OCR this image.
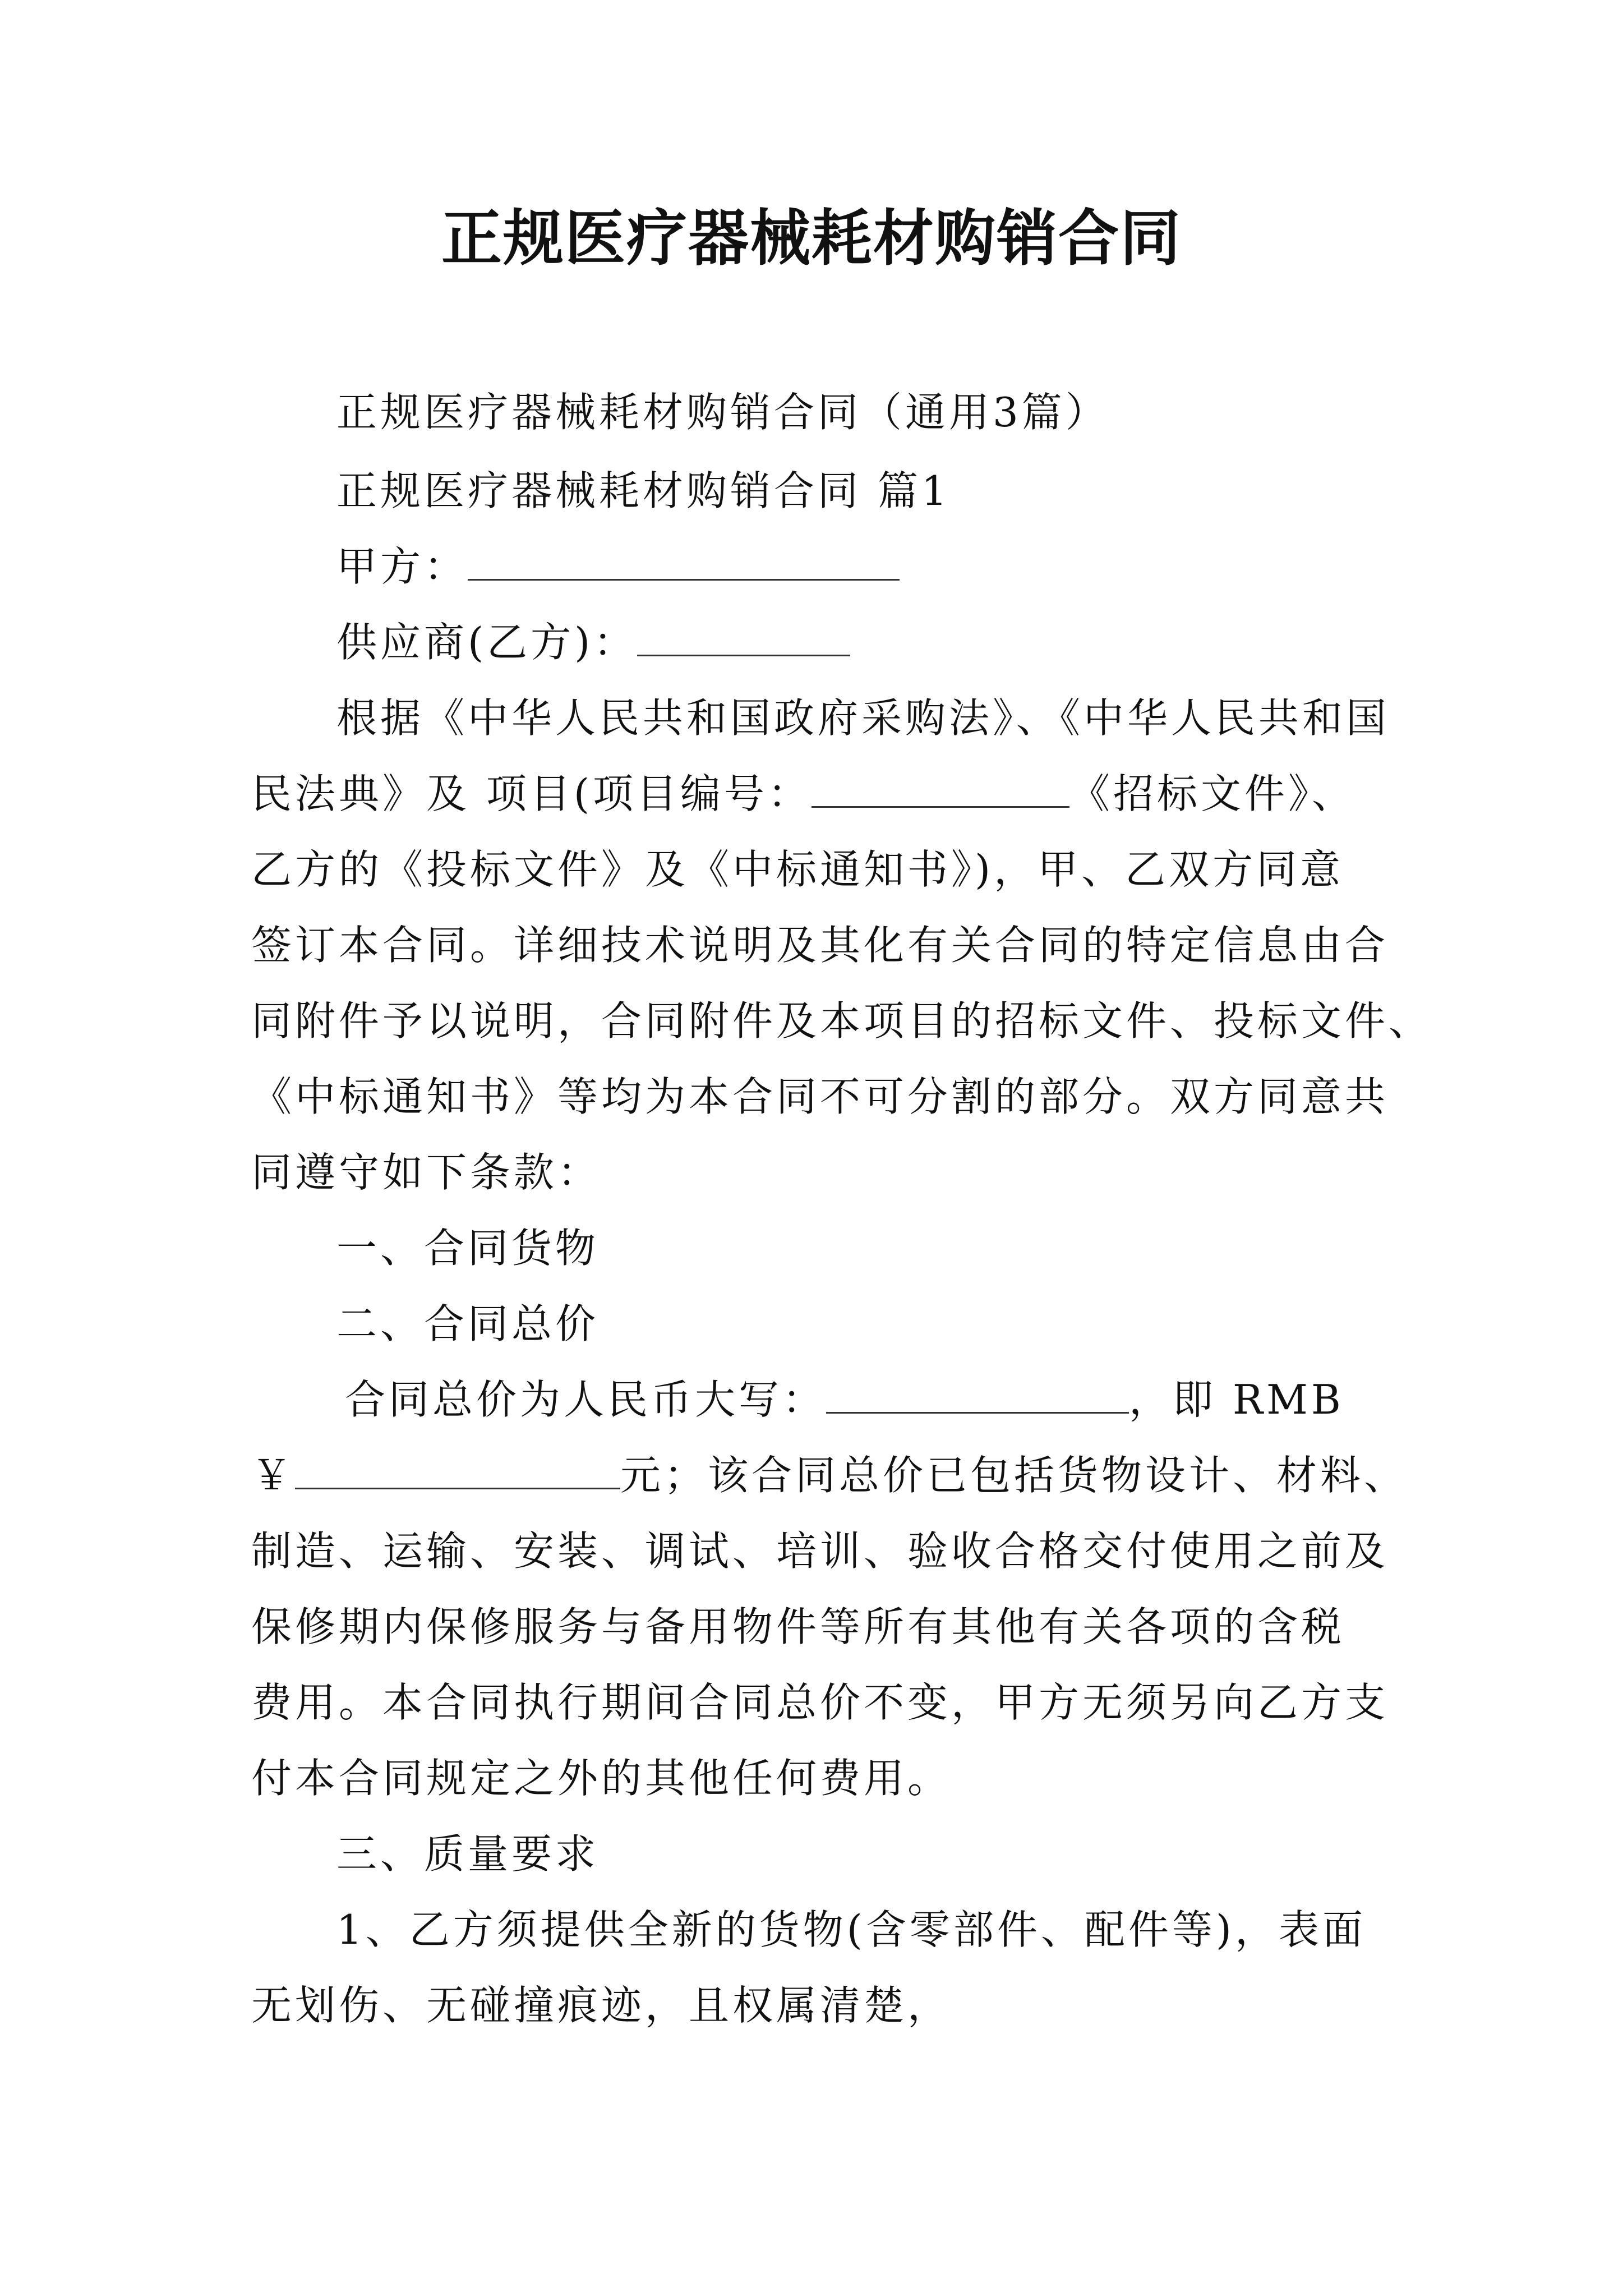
正规医疗器械耗材购销合同
正规医疗器械耗材购销合同（通用3篇）
正规医疗器械耗材购销合同 篇1
甲方：
供应商(乙方)：
根据《中华人民共和国政府采购法》、《中华人民共和国
民法典》及 项目(项目编号：	《招标文件》、
乙方的《投标文件》及《中标通知书》)，甲、乙双方同意
签订本合同。详细技术说明及其化有关合同的特定信息由合
同附件予以说明，合同附件及本项目的招标文件、投标文件、
《中标通知书》等均为本合同不可分割的部分。双方同意共
同遵守如下条款：
一、合同货物
二、合同总价
合同总价为人民币大写：	，即 RMB
￥	元；该合同总价已包括货物设计、材料、
制造、运输、安装、调试、培训、验收合格交付使用之前及
保修期内保修服务与备用物件等所有其他有关各项的含税
费用。本合同执行期间合同总价不变，甲方无须另向乙方支
付本合同规定之外的其他任何费用。
三、质量要求
1、乙方须提供全新的货物(含零部件、配件等)，表面
无划伤、无碰撞痕迹，且权属清楚，
